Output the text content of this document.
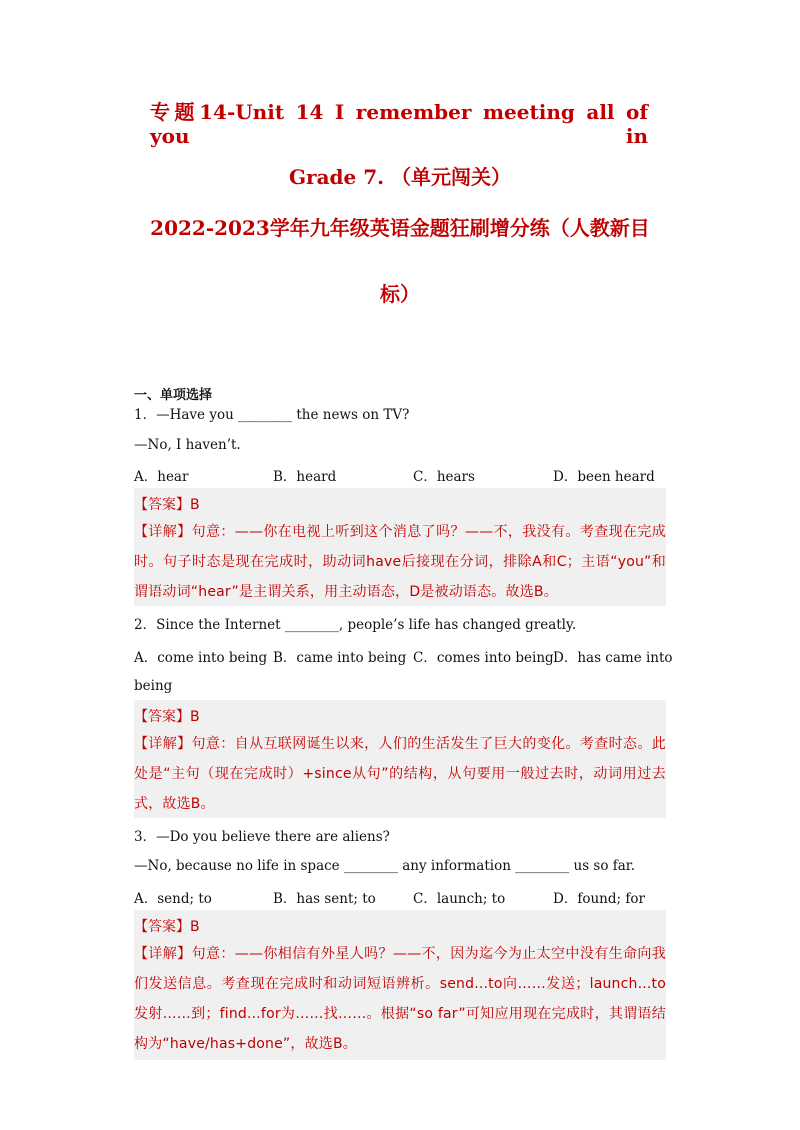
专题14-Unit 14 I remember meeting all of you in
Grade 7. （单元闯关）
2022-2023学年九年级英语金题狂刷增分练（人教新目
标）
一、单项选择
1．—Have you ________ the news on TV?
—No, I haven’t.
A．hear	B．heard	C．hears	D．been heard
【答案】B
【详解】句意：——你在电视上听到这个消息了吗？——不，我没有。考查现在完成时。句子时态是现在完成时，助动词have后接现在分词，排除A和C；主语“you”和谓语动词“hear”是主谓关系，用主动语态，D是被动语态。故选B。
2．Since the Internet ________, people’s life has changed greatly.
A．come into being B．came into being C．comes into being D．has came into
being
【答案】B
【详解】句意：自从互联网诞生以来，人们的生活发生了巨大的变化。考查时态。此处是“主句（现在完成时）+since从句”的结构，从句要用一般过去时，动词用过去式，故选B。
3．—Do you believe there are aliens?
—No, because no life in space ________ any information ________ us so far.
A．send; to	B．has sent; to	C．launch; to	D．found; for
【答案】B
【详解】句意：——你相信有外星人吗？——不，因为迄今为止太空中没有生命向我们发送信息。考查现在完成时和动词短语辨析。send...to向……发送；launch...to发射……到；find...for为……找……。根据“so far”可知应用现在完成时，其谓语结构为“have/has+done”，故选B。
